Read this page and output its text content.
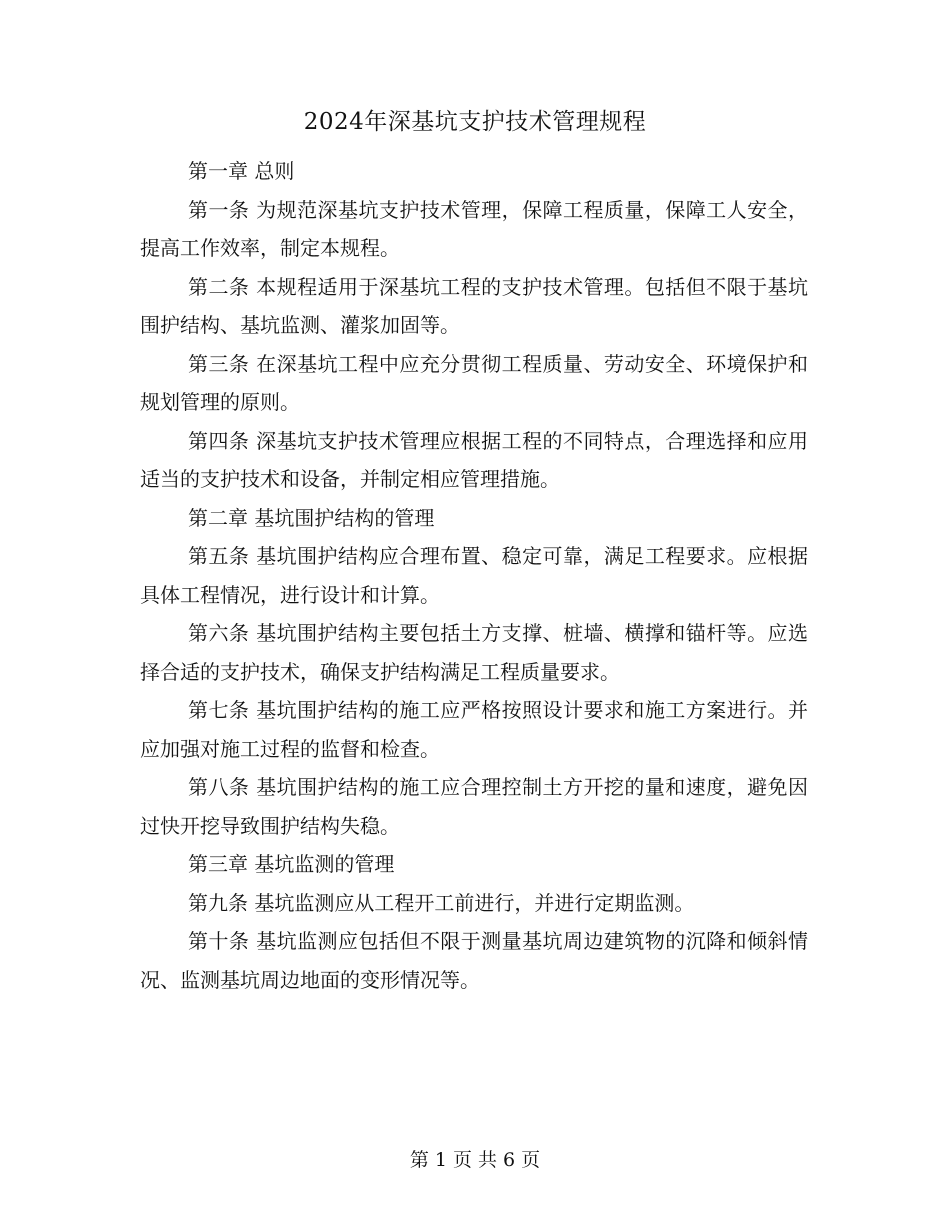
2024年深基坑支护技术管理规程

第一章 总则

第一条 为规范深基坑支护技术管理，保障工程质量，保障工人安全，提高工作效率，制定本规程。

第二条 本规程适用于深基坑工程的支护技术管理。包括但不限于基坑围护结构、基坑监测、灌浆加固等。

第三条 在深基坑工程中应充分贯彻工程质量、劳动安全、环境保护和规划管理的原则。

第四条 深基坑支护技术管理应根据工程的不同特点，合理选择和应用适当的支护技术和设备，并制定相应管理措施。

第二章 基坑围护结构的管理

第五条 基坑围护结构应合理布置、稳定可靠，满足工程要求。应根据具体工程情况，进行设计和计算。

第六条 基坑围护结构主要包括土方支撑、桩墙、横撑和锚杆等。应选择合适的支护技术，确保支护结构满足工程质量要求。

第七条 基坑围护结构的施工应严格按照设计要求和施工方案进行。并应加强对施工过程的监督和检查。

第八条 基坑围护结构的施工应合理控制土方开挖的量和速度，避免因过快开挖导致围护结构失稳。

第三章 基坑监测的管理

第九条 基坑监测应从工程开工前进行，并进行定期监测。

第十条 基坑监测应包括但不限于测量基坑周边建筑物的沉降和倾斜情况、监测基坑周边地面的变形情况等。

第 1 页 共 6 页
